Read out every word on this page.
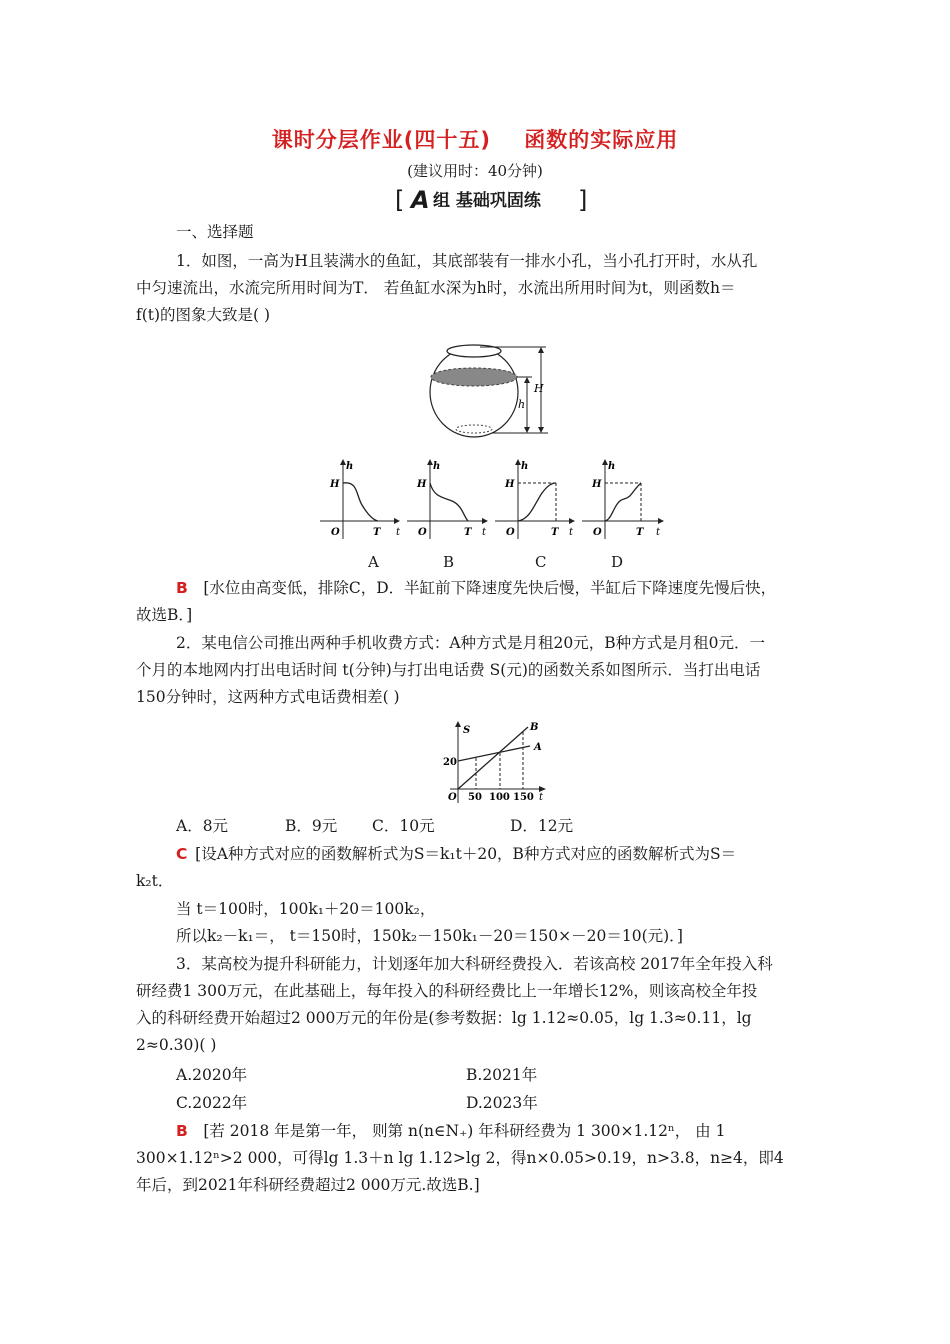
课时分层作业(四十五)    函数的实际应用
(建议用时：40分钟)
[ A 组 基础巩固练 ]
一、选择题
1．如图，一高为H且装满水的鱼缸，其底部装有一排水小孔，当小孔打开时，水从孔
中匀速流出，水流完所用时间为T． 若鱼缸水深为h时，水流出所用时间为t，则函数h＝
f(t)的图象大致是( )
H
h
h
H
O	T t
h
H
O	T t
h
H
O	T t
h
H
O	T t
A	B	C	D
B  [水位由高变低，排除C，D．半缸前下降速度先快后慢，半缸后下降速度先慢后快，
故选B．]
2．某电信公司推出两种手机收费方式：A种方式是月租20元，B种方式是月租0元．一
个月的本地网内打出电话时间 t(分钟)与打出电话费 S(元)的函数关系如图所示．当打出电话
150分钟时，这两种方式电话费相差( )
S
20
O 50 100 150 t
B
A
A．8元	B．9元 C．10元	D．12元
C  [设A种方式对应的函数解析式为S＝k₁t＋20，B种方式对应的函数解析式为S＝
k₂t．
当 t＝100时，100k₁＋20＝100k₂，
所以k₂－k₁＝， t＝150时，150k₂－150k₁－20＝150×－20＝10(元)．]
3．某高校为提升科研能力，计划逐年加大科研经费投入．若该高校 2017年全年投入科
研经费1 300万元，在此基础上，每年投入的科研经费比上一年增长12%，则该高校全年投
入的科研经费开始超过2 000万元的年份是(参考数据：lg 1.12≈0.05，lg 1.3≈0.11，lg
2≈0.30)( )
A.2020年	B.2021年
C.2022年	D.2023年
B  [若 2018 年是第一年， 则第 n(n∈N₊) 年科研经费为 1 300×1.12ⁿ， 由 1
300×1.12ⁿ>2 000，可得lg 1.3＋n lg 1.12>lg 2，得n×0.05>0.19，n>3.8，n≥4，即4
年后，到2021年科研经费超过2 000万元.故选B.]
